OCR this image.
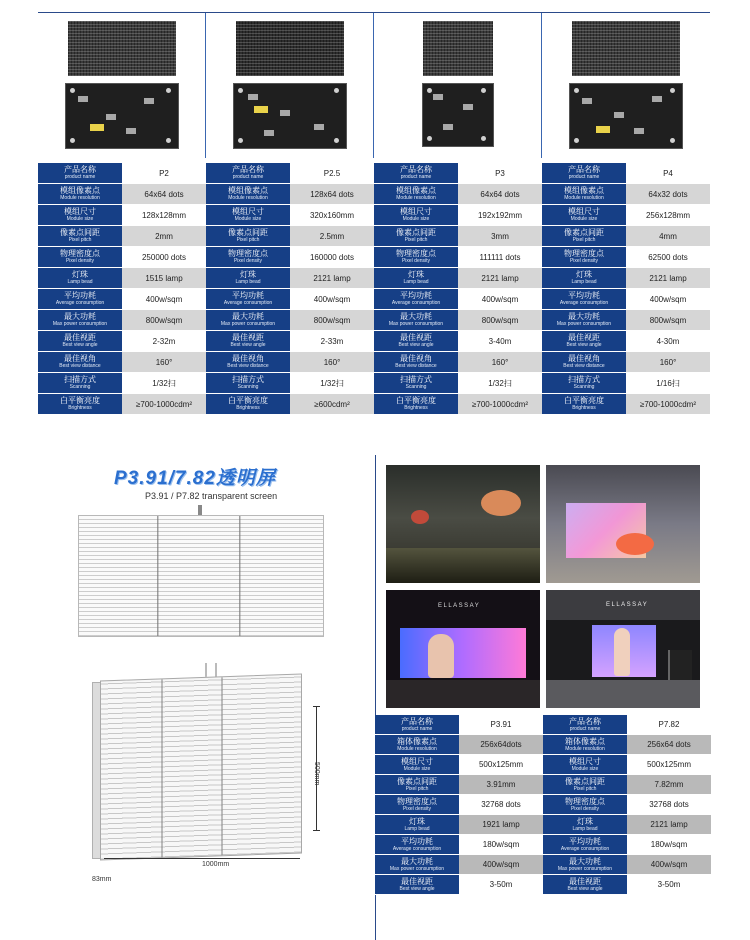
产品名称
product name	P2
模组像素点
Module resolution	64x64 dots
模组尺寸
Module size	128x128mm
像素点间距
Pixel pitch	2mm
物理密度点
Pixel density	250000 dots
灯珠
Lamp bead	1515 lamp
平均功耗
Average consumption	400w/sqm
最大功耗
Max power consumption	800w/sqm
最佳视距
Best view angle	2-32m
最佳视角
Best view distance	160°
扫描方式
Scanning	1/32扫
白平衡亮度
Brightness	≥700-1000cdm²
产品名称
product name	P2.5
模组像素点
Module resolution	128x64 dots
模组尺寸
Module size	320x160mm
像素点间距
Pixel pitch	2.5mm
物理密度点
Pixel density	160000 dots
灯珠
Lamp bead	2121 lamp
平均功耗
Average consumption	400w/sqm
最大功耗
Max power consumption	800w/sqm
最佳视距
Best view angle	2-33m
最佳视角
Best view distance	160°
扫描方式
Scanning	1/32扫
白平衡亮度
Brightness	≥600cdm²
产品名称
product name	P3
模组像素点
Module resolution	64x64 dots
模组尺寸
Module size	192x192mm
像素点间距
Pixel pitch	3mm
物理密度点
Pixel density	111111 dots
灯珠
Lamp bead	2121 lamp
平均功耗
Average consumption	400w/sqm
最大功耗
Max power consumption	800w/sqm
最佳视距
Best view angle	3-40m
最佳视角
Best view distance	160°
扫描方式
Scanning	1/32扫
白平衡亮度
Brightness	≥700-1000cdm²
产品名称
product name	P4
模组像素点
Module resolution	64x32 dots
模组尺寸
Module size	256x128mm
像素点间距
Pixel pitch	4mm
物理密度点
Pixel density	62500 dots
灯珠
Lamp bead	2121 lamp
平均功耗
Average consumption	400w/sqm
最大功耗
Max power consumption	800w/sqm
最佳视距
Best view angle	4-30m
最佳视角
Best view distance	160°
扫描方式
Scanning	1/16扫
白平衡亮度
Brightness	≥700-1000cdm²
P3.91/7.82透明屏
P3.91 / P7.82 transparent screen
500mm
1000mm
83mm
ELLASSAY	ELLASSAY
产品名称
product name	P3.91
箱体像素点
Module resolution	256x64dots
模组尺寸
Module size	500x125mm
像素点间距
Pixel pitch	3.91mm
物理密度点
Pixel density	32768 dots
灯珠
Lamp bead	1921 lamp
平均功耗
Average consumption	180w/sqm
最大功耗
Max power consumption	400w/sqm
最佳视距
Best view angle	3-50m
产品名称
product name	P7.82
箱体像素点
Module resolution	256x64 dots
模组尺寸
Module size	500x125mm
像素点间距
Pixel pitch	7.82mm
物理密度点
Pixel density	32768 dots
灯珠
Lamp bead	2121 lamp
平均功耗
Average consumption	180w/sqm
最大功耗
Max power consumption	400w/sqm
最佳视距
Best view angle	3-50m
